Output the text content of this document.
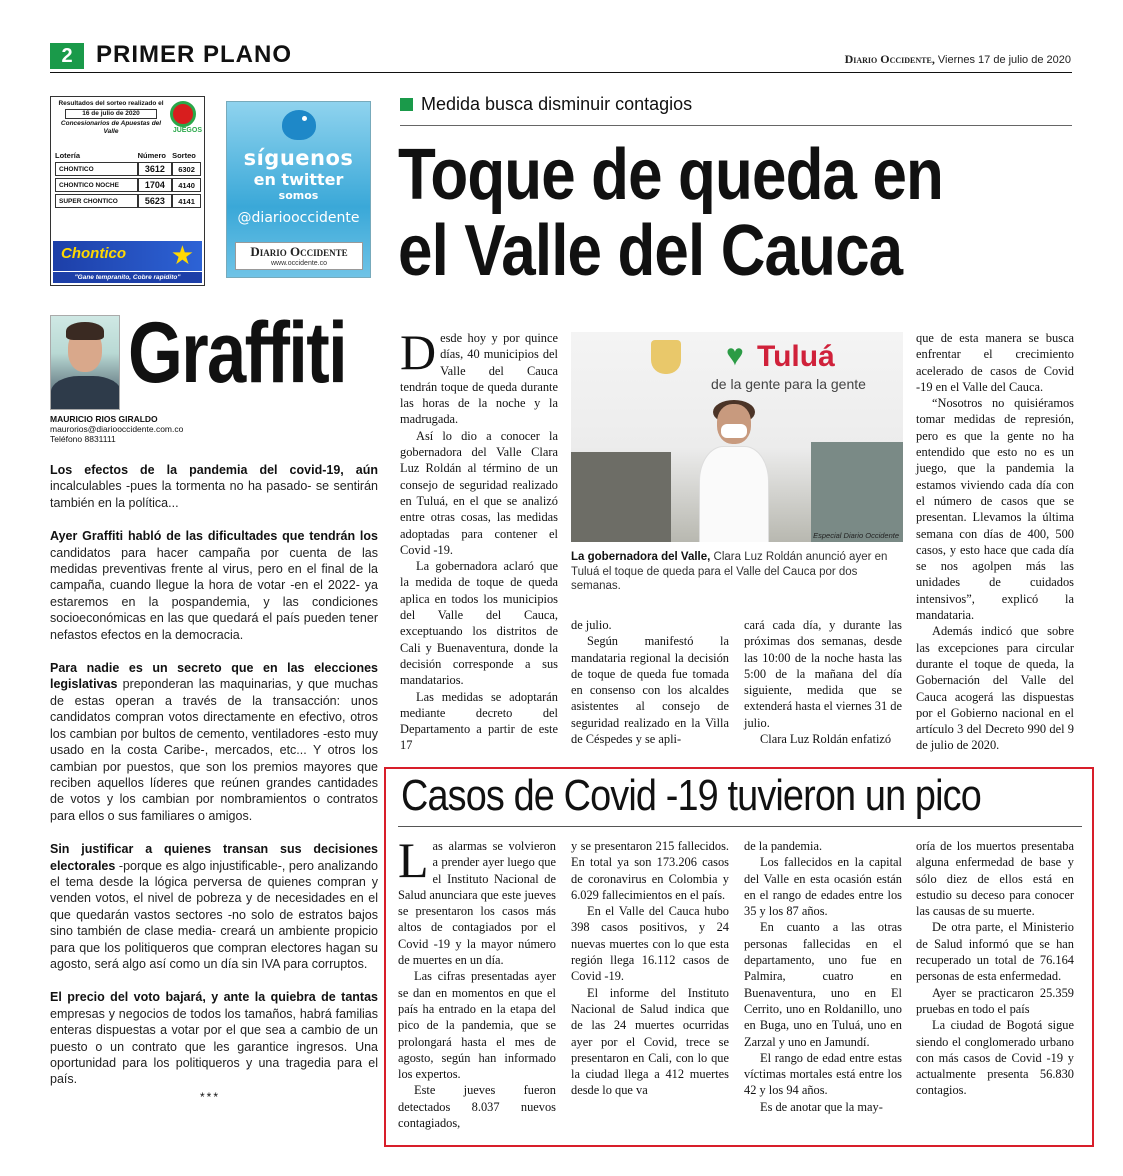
2 PRIMER PLANO	Diario Occidente, Viernes 17 de julio de 2020
Resultados del sorteo realizado el
16 de julio de 2020
Concesionarios de Apuestas del Valle	JUEGOS
Lotería	Número	Sorteo
CHONTICO	3612	6302
CHONTICO NOCHE	1704	4140
SUPER CHONTICO	5623	4141
Chontico ★
"Gane tempranito, Cobre rapidito"
síguenos
en twitter
somos
@diariooccidente
Diario Occidente
www.occidente.co
Medida busca disminuir contagios
Toque de queda en
el Valle del Cauca
Graffiti
MAURICIO RIOS GIRALDO
maurorios@diariooccidente.com.co
Teléfono 8831111

Los efectos de la pandemia del covid-19, aún incalculables -pues la tormenta no ha pasado- se sentirán también en la política...

Ayer Graffiti habló de las dificultades que tendrán los candidatos para hacer campaña por cuenta de las medidas preventivas frente al virus, pero en el final de la campaña, cuando llegue la hora de votar -en el 2022- ya estaremos en la pospandemia, y las condiciones socioeconómicas en las que quedará el país pueden tener nefastos efectos en la democracia.

Para nadie es un secreto que en las elecciones legislativas preponderan las maquinarias, y que muchas de estas operan a través de la transacción: unos candidatos compran votos directamente en efectivo, otros los cambian por bultos de cemento, ventiladores -esto muy usado en la costa Caribe-, mercados, etc... Y otros los cambian por puestos, que son los premios mayores que reciben aquellos líderes que reúnen grandes cantidades de votos y los cambian por nombramientos o contratos para ellos o sus familiares o amigos.

Sin justificar a quienes transan sus decisiones electorales -porque es algo injustificable-, pero analizando el tema desde la lógica perversa de quienes compran y venden votos, el nivel de pobreza y de necesidades en el que quedarán vastos sectores -no solo de estratos bajos sino también de clase media- creará un ambiente propicio para que los politiqueros que compran electores hagan su agosto, será algo así como un día sin IVA para corruptos.

El precio del voto bajará, y ante la quiebra de tantas empresas y negocios de todos los tamaños, habrá familias enteras dispuestas a votar por el que sea a cambio de un puesto o un contrato que les garantice ingresos. Una oportunidad para los politiqueros y una tragedia para el país.

***

Desde hoy y por quince días, 40 municipios del Valle del Cauca tendrán toque de queda durante las horas de la noche y la madrugada.

Así lo dio a conocer la gobernadora del Valle Clara Luz Roldán al término de un consejo de seguridad realizado en Tuluá, en el que se analizó entre otras cosas, las medidas adoptadas para contener el Covid -19.

La gobernadora aclaró que la medida de toque de queda aplica en todos los municipios del Valle del Cauca, exceptuando los distritos de Cali y Buenaventura, donde la decisión corresponde a sus mandatarios.

Las medidas se adoptarán mediante decreto del Departamento a partir de este 17

♥ Tuluá
de la gente para la gente
Especial Diario Occidente
La gobernadora del Valle, Clara Luz Roldán anunció ayer en Tuluá el toque de queda para el Valle del Cauca por dos semanas.

de julio.

Según manifestó la mandataria regional la decisión de toque de queda fue tomada en consenso con los alcaldes asistentes al consejo de seguridad realizado en la Villa de Céspedes y se apli-

cará cada día, y durante las próximas dos semanas, desde las 10:00 de la noche hasta las 5:00 de la mañana del día siguiente, medida que se extenderá hasta el viernes 31 de julio.

Clara Luz Roldán enfatizó

que de esta manera se busca enfrentar el crecimiento acelerado de casos de Covid -19 en el Valle del Cauca.

“Nosotros no quisiéramos tomar medidas de represión, pero es que la gente no ha entendido que esto no es un juego, que la pandemia la estamos viviendo cada día con el número de casos que se presentan. Llevamos la última semana con días de 400, 500 casos, y esto hace que cada día se nos agolpen más las unidades de cuidados intensivos”, explicó la mandataria.

Además indicó que sobre las excepciones para circular durante el toque de queda, la Gobernación del Valle del Cauca acogerá las dispuestas por el Gobierno nacional en el artículo 3 del Decreto 990 del 9 de julio de 2020.

Casos de Covid -19 tuvieron un pico

Las alarmas se volvieron a prender ayer luego que el Instituto Nacional de Salud anunciara que este jueves se presentaron los casos más altos de contagiados por el Covid -19 y la mayor número de muertes en un día.

Las cifras presentadas ayer se dan en momentos en que el país ha entrado en la etapa del pico de la pandemia, que se prolongará hasta el mes de agosto, según han informado los expertos.

Este jueves fueron detectados 8.037 nuevos contagiados,

y se presentaron 215 fallecidos. En total ya son 173.206 casos de coronavirus en Colombia y 6.029 fallecimientos en el país.

En el Valle del Cauca hubo 398 casos positivos, y 24 nuevas muertes con lo que esta región llega 16.112 casos de Covid -19.

El informe del Instituto Nacional de Salud indica que de las 24 muertes ocurridas ayer por el Covid, trece se presentaron en Cali, con lo que la ciudad llega a 412 muertes desde lo que va

de la pandemia.

Los fallecidos en la capital del Valle en esta ocasión están en el rango de edades entre los 35 y los 87 años.

En cuanto a las otras personas fallecidas en el departamento, uno fue en Palmira, cuatro en Buenaventura, uno en El Cerrito, uno en Roldanillo, uno en Buga, uno en Tuluá, uno en Zarzal y uno en Jamundí.

El rango de edad entre estas víctimas mortales está entre los 42 y los 94 años.

Es de anotar que la may-

oría de los muertos presentaba alguna enfermedad de base y sólo diez de ellos está en estudio su deceso para conocer las causas de su muerte.

De otra parte, el Ministerio de Salud informó que se han recuperado un total de 76.164 personas de esta enfermedad.

Ayer se practicaron 25.359 pruebas en todo el país

La ciudad de Bogotá sigue siendo el conglomerado urbano con más casos de Covid -19 y actualmente presenta 56.830 contagios.
